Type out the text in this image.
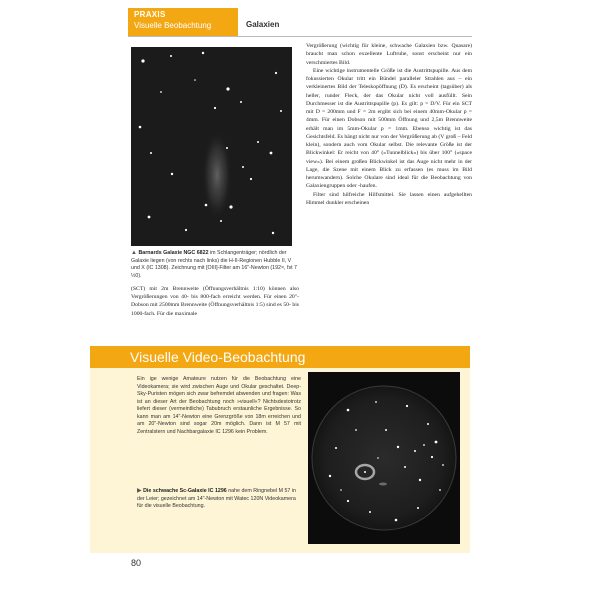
PRAXIS
Visuelle Beobachtung	Galaxien
▲ Barnards Galaxie NGC 6822 im Schlangenträger; nördlich der Galaxie liegen (von rechts nach links) die H-II-Regionen Hubble II, V und X (IC 1308). Zeichnung mit [OIII]-Filter am 16"-Newton (192×, fst 7 ½0).

(SCT) mit 2m Brennweite (Öffnungsverhältnis 1:10) können also Vergrößerungen von 40- bis 800-fach erreicht werden. Für einen 20"-Dobson mit 2500mm Brennweite (Öffnungsverhältnis 1:5) sind es 50- bis 1000-fach. Für die maximale

Vergrößerung (wichtig für kleine, schwache Galaxien bzw. Quasare) braucht man schon exzellente Luftruhe, sonst erscheint nur ein verschmiertes Bild.

Eine wichtige instrumentelle Größe ist die Austrittspupille. Aus dem fokussierten Okular tritt ein Bündel paralleler Strahlen aus – ein verkleinertes Bild der Teleskopöffnung (D). Es erscheint (tagsüber) als heller, runder Fleck, der das Okular nicht voll ausfüllt. Sein Durchmesser ist die Austrittspupille (p). Es gilt: p = D/V. Für ein SCT mit D = 200mm und F = 2m ergibt sich bei einem 40mm-Okular p = 4mm. Für einen Dobson mit 500mm Öffnung und 2,5m Brennweite erhält man im 5mm-Okular p = 1mm. Ebenso wichtig ist das Gesichtsfeld. Es hängt nicht nur von der Vergrößerung ab (V groß – Feld klein), sondern auch vom Okular selbst. Die relevante Größe ist der Blickwinkel: Er reicht von 40° (»Tunnelblick«) bis über 100° (»space view«). Bei einem großen Blickwinkel ist das Auge nicht mehr in der Lage, die Szene mit einem Blick zu erfassen (es muss im Bild herumwandern). Solche Okulare sind ideal für die Beobachtung von Galaxiengruppen oder -haufen.

Filter sind hilfreiche Hilfsmittel. Sie lassen einen aufgehellten Himmel dunkler erscheinen

Visuelle Video-Beobachtung

Ein ige wenige Amateure nutzen für die Beobachtung eine Videokamera; sie wird zwischen Auge und Okular geschaltet. Deep-Sky-Puristen mögen sich zwar befremdet abwenden und fragen: Was ist an dieser Art der Beobachtung noch »visuell«? Nichtsdestotrotz liefert dieser (vermeintliche) Tabubruch erstaunliche Ergebnisse. So kann man am 14"-Newton eine Grenzgröße von 18m erreichen und am 20"-Newton sind sogar 20m möglich. Dann ist M 57 mit Zentralstern und Nachbargalaxie IC 1296 kein Problem.

▶ Die schwache Sc-Galaxie IC 1296 nahe dem Ringnebel M 57 in der Leier; gezeichnet am 14"-Newton mit Watec 120N Videokamera für die visuelle Beobachtung.
80
